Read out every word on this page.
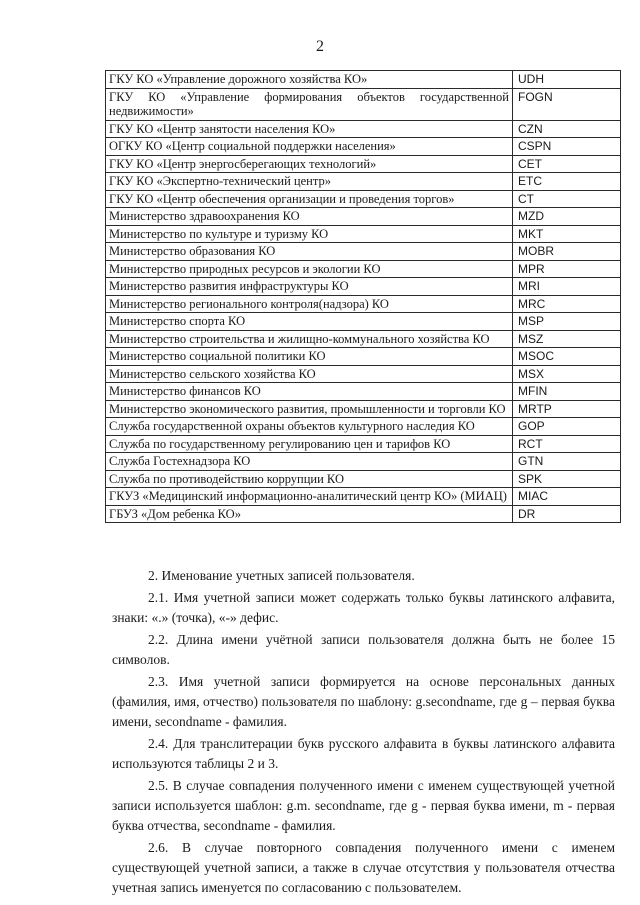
2
ГКУ КО «Управление дорожного хозяйства КО»	UDH
ГКУ КО «Управление формирования объектов государственной недвижимости»	FOGN
ГКУ КО «Центр занятости населения КО»	CZN
ОГКУ КО «Центр социальной поддержки населения»	CSPN
ГКУ КО «Центр энергосберегающих технологий»	CET
ГКУ КО «Экспертно-технический центр»	ETC
ГКУ КО «Центр обеспечения организации и проведения торгов»	CT
Министерство здравоохранения КО	MZD
Министерство по культуре и туризму КО	MKT
Министерство образования КО	MOBR
Министерство природных ресурсов и экологии КО	MPR
Министерство развития инфраструктуры КО	MRI
Министерство регионального контроля(надзора) КО	MRC
Министерство спорта КО	MSP
Министерство строительства и жилищно-коммунального хозяйства КО	MSZ
Министерство социальной политики КО	MSOC
Министерство сельского хозяйства КО	MSX
Министерство финансов КО	MFIN
Министерство экономического развития, промышленности и торговли КО	MRTP
Служба государственной охраны объектов культурного наследия КО	GOP
Служба по государственному регулированию цен и тарифов КО	RCT
Служба Гостехнадзора КО	GTN
Служба по противодействию коррупции КО	SPK
ГКУЗ «Медицинский информационно-аналитический центр КО» (МИАЦ)	MIAC
ГБУЗ «Дом ребенка КО»	DR

2. Именование учетных записей пользователя.

2.1. Имя учетной записи может содержать только буквы латинского алфавита, знаки: «.» (точка), «-» дефис.

2.2. Длина имени учётной записи пользователя должна быть не более 15 символов.

2.3. Имя учетной записи формируется на основе персональных данных (фамилия, имя, отчество) пользователя по шаблону: g.secondname, где g – первая буква имени, secondname - фамилия.

2.4. Для транслитерации букв русского алфавита в буквы латинского алфавита используются таблицы 2 и 3.

2.5. В случае совпадения полученного имени с именем существующей учетной записи используется шаблон: g.m. secondname, где g - первая буква имени, m - первая буква отчества, secondname - фамилия.

2.6. В случае повторного совпадения полученного имени с именем существующей учетной записи, а также в случае отсутствия у пользователя отчества учетная запись именуется по согласованию с пользователем.
